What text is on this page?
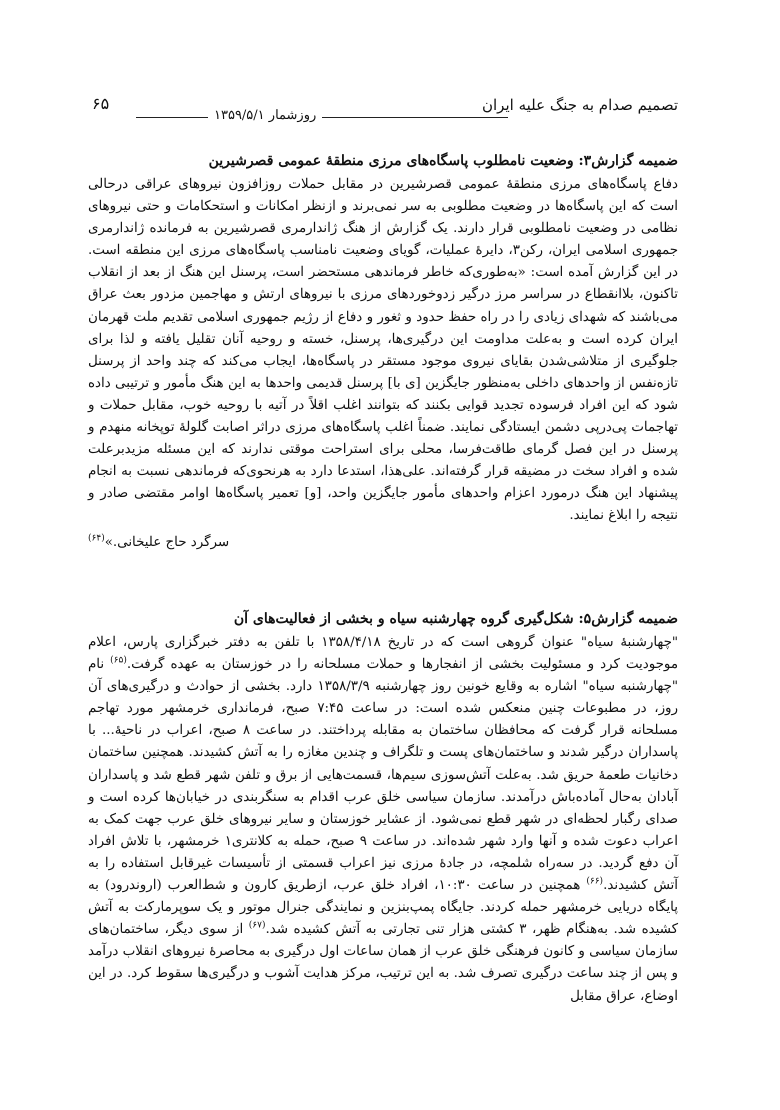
تصمیم صدام به جنگ علیه ایران
روزشمار ۱۳۵۹/۵/۱
۶۵
ضمیمه گزارش۳: وضعیت نامطلوب پاسگاه‌های مرزی منطقهٔ عمومی قصرشیرین

دفاع پاسگاه‌های مرزی منطقهٔ عمومی قصرشیرین در مقابل حملات روزافزون نیروهای عراقی درحالی است که این پاسگاه‌ها در وضعیت مطلوبی به سر نمی‌برند و ازنظر امکانات و استحکامات و حتی نیروهای نظامی در وضعیت نامطلوبی قرار دارند. یک گزارش از هنگ ژاندارمری قصرشیرین به فرمانده ژاندارمری جمهوری اسلامی ایران، رکن۳، دایرهٔ عملیات، گویای وضعیت نامناسب پاسگاه‌های مرزی این منطقه است. در این گزارش آمده است: «به‌طوری‌که خاطر فرماندهی مستحضر است، پرسنل این هنگ از بعد از انقلاب تاکنون، بلاانقطاع در سراسر مرز درگیر زدوخوردهای مرزی با نیروهای ارتش و مهاجمین مزدور بعث عراق می‌باشند که شهدای زیادی را در راه حفظ حدود و ثغور و دفاع از رژیم جمهوری اسلامی تقدیم ملت قهرمان ایران کرده است و به‌علت مداومت این درگیری‌ها، پرسنل، خسته و روحیه آنان تقلیل یافته و لذا برای جلوگیری از متلاشی‌شدن بقایای نیروی موجود مستقر در پاسگاه‌ها، ایجاب می‌کند که چند واحد از پرسنل تازه‌نفس از واحدهای داخلی به‌منظور جایگزین [ی با] پرسنل قدیمی واحدها به این هنگ مأمور و ترتیبی داده شود که این افراد فرسوده تجدید قوایی بکنند که بتوانند اغلب اقلاً در آتیه با روحیه خوب، مقابل حملات و تهاجمات پی‌درپی دشمن ایستادگی نمایند. ضمناً اغلب پاسگاه‌های مرزی دراثر اصابت گلولهٔ توپخانه منهدم و پرسنل در این فصل گرمای طاقت‌فرسا، محلی برای استراحت موقتی ندارند که این مسئله مزیدبرعلت شده و افراد سخت در مضیقه قرار گرفته‌اند. علی‌هذا، استدعا دارد به هرنحوی‌که فرماندهی نسبت به انجام پیشنهاد این هنگ درمورد اعزام واحدهای مأمور جایگزین واحد، [و] تعمیر پاسگاه‌ها اوامر مقتضی صادر و نتیجه را ابلاغ نمایند.

سرگرد حاج علیخانی.»$^{(۶۴)}$

ضمیمه گزارش۵: شکل‌گیری گروه چهارشنبه سیاه و بخشی از فعالیت‌های آن

"چهارشنبهٔ سیاه" عنوان گروهی است که در تاریخ ۱۳۵۸/۴/۱۸ با تلفن به دفتر خبرگزاری پارس، اعلام موجودیت کرد و مسئولیت بخشی از انفجارها و حملات مسلحانه را در خوزستان به عهده گرفت.$^{(۶۵)}$ نام "چهارشنبه سیاه" اشاره به وقایع خونین روز چهارشنبه ۱۳۵۸/۳/۹ دارد. بخشی از حوادث و درگیری‌های آن روز، در مطبوعات چنین منعکس شده است: در ساعت ۷:۴۵ صبح، فرمانداری خرمشهر مورد تهاجم مسلحانه قرار گرفت که محافظان ساختمان به مقابله پرداختند. در ساعت ۸ صبح، اعراب در ناحیهٔ... با پاسداران درگیر شدند و ساختمان‌های پست و تلگراف و چندین مغازه را به آتش کشیدند. همچنین ساختمان دخانیات طعمهٔ حریق شد. به‌علت آتش‌سوزی سیم‌ها، قسمت‌هایی از برق و تلفن شهر قطع شد و پاسداران آبادان به‌حال آماده‌باش درآمدند. سازمان سیاسی خلق عرب اقدام به سنگربندی در خیابان‌ها کرده است و صدای رگبار لحظه‌ای در شهر قطع نمی‌شود. از عشایر خوزستان و سایر نیروهای خلق عرب جهت کمک به اعراب دعوت شده و آنها وارد شهر شده‌اند. در ساعت ۹ صبح، حمله به کلانتری۱ خرمشهر، با تلاش افراد آن دفع گردید. در سه‌راه شلمچه، در جادهٔ مرزی نیز اعراب قسمتی از تأسیسات غیرقابل استفاده را به آتش کشیدند.$^{(۶۶)}$ همچنین در ساعت ۱۰:۳۰، افراد خلق عرب، ازطریق کارون و شط‌العرب (اروندرود) به پایگاه دریایی خرمشهر حمله کردند. جایگاه پمپ‌بنزین و نمایندگی جنرال موتور و یک سوپرمارکت به آتش کشیده شد. به‌هنگام ظهر، ۳ کشتی هزار تنی تجارتی به آتش کشیده شد.$^{(۶۷)}$ از سوی دیگر، ساختمان‌های سازمان سیاسی و کانون فرهنگی خلق عرب از همان ساعات اول درگیری به محاصرهٔ نیروهای انقلاب درآمد و پس از چند ساعت درگیری تصرف شد. به این ترتیب، مرکز هدایت آشوب و درگیری‌ها سقوط کرد. در این اوضاع، عراق مقابل
